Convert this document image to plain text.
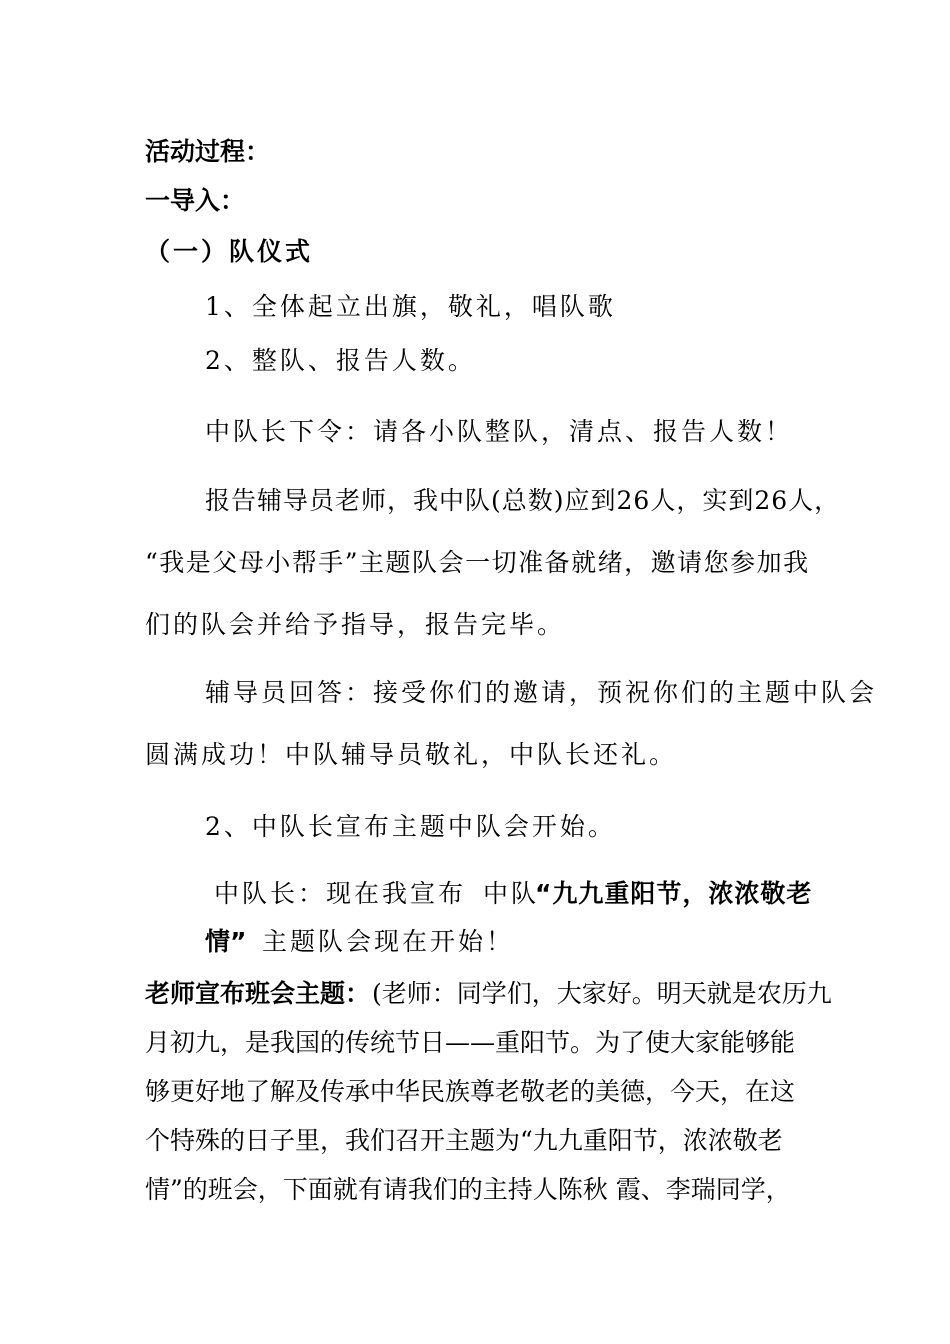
活动过程：
一导入：
（一）队仪式
1、全体起立出旗，敬礼，唱队歌
2、整队、报告人数。
中队长下令：请各小队整队，清点、报告人数！
报告辅导员老师，我中队(总数)应到26人，实到26人，
“我是父母小帮手”主题队会一切准备就绪，邀请您参加我
们的队会并给予指导，报告完毕。
辅导员回答：接受你们的邀请，预祝你们的主题中队会
圆满成功！中队辅导员敬礼，中队长还礼。
2、中队长宣布主题中队会开始。
中队长：现在我宣布 中队
“九九重阳节，浓浓敬老
情” 主题队会现在开始！
老师宣布班会主题： (老师：同学们，大家好。明天就是农历九
月初九，是我国的传统节日——重阳节。为了使大家能够能
够更好地了解及传承中华民族尊老敬老的美德，今天，在这
个特殊的日子里，我们召开主题为“九九重阳节，浓浓敬老
情”的班会，下面就有请我们的主持人陈秋 霞、李瑞同学，
